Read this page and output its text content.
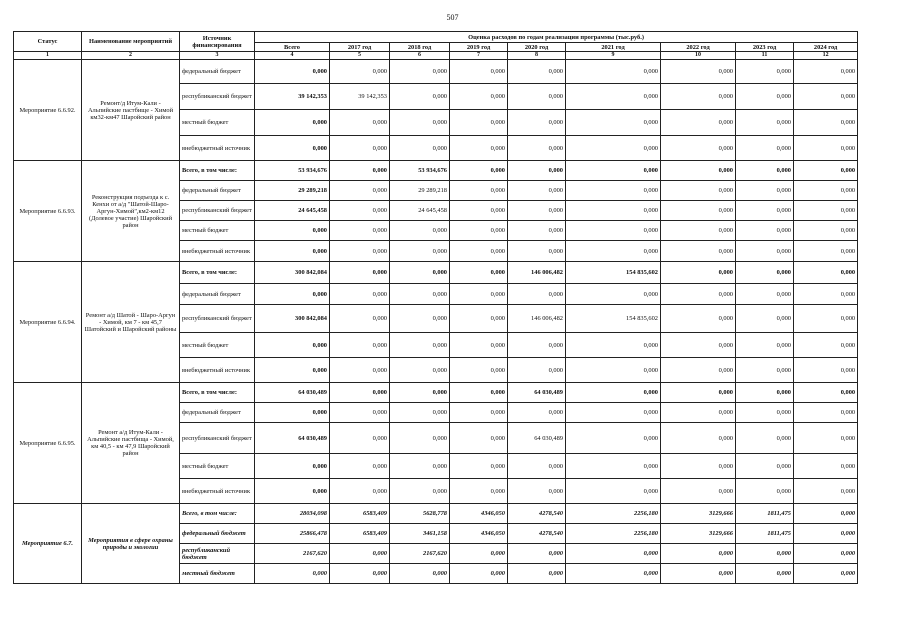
507
Статус	Наименование мероприятий	Источник финансирования	Оценка расходов по годам реализации программы (тыс.руб.)								
			Всего	2017 год	2018 год	2019 год	2020 год	2021 год	2022 год	2023 год	2024 год
1	2	3	4	5	6	7	8	9	10	11	12
Мероприятие 6.6.92.	Ремонт/д Итум-Кали - Альпийские пастбище - Химой км32-км47 Шаройский район	федеральный бюджет	0,000	0,000	0,000	0,000	0,000	0,000	0,000	0,000	0,000
		республиканский бюджет	39 142,353	39 142,353	0,000	0,000	0,000	0,000	0,000	0,000	0,000
		местный бюджет	0,000	0,000	0,000	0,000	0,000	0,000	0,000	0,000	0,000
		внебюджетный источник	0,000	0,000	0,000	0,000	0,000	0,000	0,000	0,000	0,000
Мероприятие 6.6.93.	Реконструкция подъезда к с. Кенхи от а/д "Шатой-Шаро-Аргун-Химой",км2-км12 (Долевое участие) Шаройский район	Всего, в том числе:	53 934,676	0,000	53 934,676	0,000	0,000	0,000	0,000	0,000	0,000
		федеральный бюджет	29 289,218	0,000	29 289,218	0,000	0,000	0,000	0,000	0,000	0,000
		республиканский бюджет	24 645,458	0,000	24 645,458	0,000	0,000	0,000	0,000	0,000	0,000
		местный бюджет	0,000	0,000	0,000	0,000	0,000	0,000	0,000	0,000	0,000
		внебюджетный источник	0,000	0,000	0,000	0,000	0,000	0,000	0,000	0,000	0,000
Мероприятие 6.6.94.	Ремонт а/д Шатой - Шаро-Аргун - Химой, км 7 - км 45,7 Шатойский и Шаройский районы	Всего, в том числе:	300 842,084	0,000	0,000	0,000	146 006,482	154 835,602	0,000	0,000	0,000
		федеральный бюджет	0,000	0,000	0,000	0,000	0,000	0,000	0,000	0,000	0,000
		республиканский бюджет	300 842,084	0,000	0,000	0,000	146 006,482	154 835,602	0,000	0,000	0,000
		местный бюджет	0,000	0,000	0,000	0,000	0,000	0,000	0,000	0,000	0,000
		внебюджетный источник	0,000	0,000	0,000	0,000	0,000	0,000	0,000	0,000	0,000
Мероприятие 6.6.95.	Ремонт а/д Итум-Кали - Альпийские пастбища - Химой, км 40,5 - км 47,9 Шаройский район	Всего, в том числе:	64 030,489	0,000	0,000	0,000	64 030,489	0,000	0,000	0,000	0,000
		федеральный бюджет	0,000	0,000	0,000	0,000	0,000	0,000	0,000	0,000	0,000
		республиканский бюджет	64 030,489	0,000	0,000	0,000	64 030,489	0,000	0,000	0,000	0,000
		местный бюджет	0,000	0,000	0,000	0,000	0,000	0,000	0,000	0,000	0,000
		внебюджетный источник	0,000	0,000	0,000	0,000	0,000	0,000	0,000	0,000	0,000
Мероприятие 6.7.	Мероприятия в сфере охраны природы и экологии	Всего, в том числе:	28034,098	6583,409	5628,778	4346,050	4278,540	2256,180	3129,666	1811,475	0,000
		федеральный бюджет	25866,478	6583,409	3461,158	4346,050	4278,540	2256,180	3129,666	1811,475	0,000
		республиканский бюджет	2167,620	0,000	2167,620	0,000	0,000	0,000	0,000	0,000	0,000
		местный бюджет	0,000	0,000	0,000	0,000	0,000	0,000	0,000	0,000	0,000
